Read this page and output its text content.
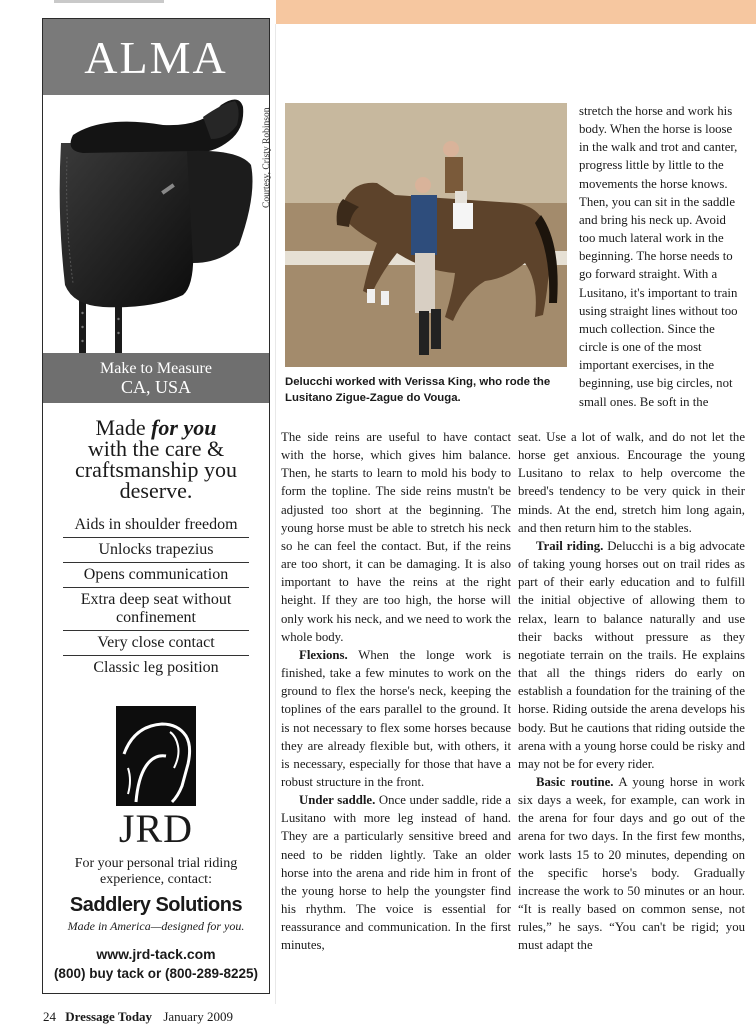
ALMA
Make to Measure
CA, USA
Made for you
with the care & craftsmanship you deserve.
Aids in shoulder freedom
Unlocks trapezius
Opens communication
Extra deep seat without confinement
Very close contact
Classic leg position
JRD
For your personal trial riding experience, contact:
Saddlery Solutions
Made in America—designed for you.
www.jrd-tack.com
(800) buy tack or (800-289-8225)
Courtesy, Cristy Robinson
Delucchi worked with Verissa King, who rode the Lusitano Zigue-Zague do Vouga.

stretch the horse and work his body. When the horse is loose in the walk and trot and canter, progress little by little to the movements the horse knows. Then, you can sit in the saddle and bring his neck up. Avoid too much lateral work in the beginning. The horse needs to go forward straight. With a Lusitano, it's important to train using straight lines without too much collection. Since the circle is one of the most important exercises, in the beginning, use big circles, not small ones. Be soft in the

The side reins are useful to have contact with the horse, which gives him balance. Then, he starts to learn to mold his body to form the topline. The side reins mustn't be adjusted too short at the beginning. The young horse must be able to stretch his neck so he can feel the contact. But, if the reins are too short, it can be damaging. It is also important to have the reins at the right height. If they are too high, the horse will only work his neck, and we need to work the whole body.

Flexions. When the longe work is finished, take a few minutes to work on the ground to flex the horse's neck, keeping the toplines of the ears parallel to the ground. It is not necessary to flex some horses because they are already flexible but, with others, it is necessary, especially for those that have a robust structure in the front.

Under saddle. Once under saddle, ride a Lusitano with more leg instead of hand. They are a particularly sensitive breed and need to be ridden lightly. Take an older horse into the arena and ride him in front of the young horse to help the youngster find his rhythm. The voice is essential for reassurance and communication. In the first minutes,

seat. Use a lot of walk, and do not let the horse get anxious. Encourage the young Lusitano to relax to help overcome the breed's tendency to be very quick in their minds. At the end, stretch him long again, and then return him to the stables.

Trail riding. Delucchi is a big advocate of taking young horses out on trail rides as part of their early education and to fulfill the initial objective of allowing them to relax, learn to balance naturally and use their backs without pressure as they negotiate terrain on the trails. He explains that all the things riders do early on establish a foundation for the training of the horse. Riding outside the arena develops his body. But he cautions that riding outside the arena with a young horse could be risky and may not be for every rider.

Basic routine. A young horse in work six days a week, for example, can work in the arena for four days and go out of the arena for two days. In the first few months, work lasts 15 to 20 minutes, depending on the specific horse's body. Gradually increase the work to 50 minutes or an hour. “It is really based on common sense, not rules,” he says. “You can't be rigid; you must adapt the

24 Dressage Today January 2009
